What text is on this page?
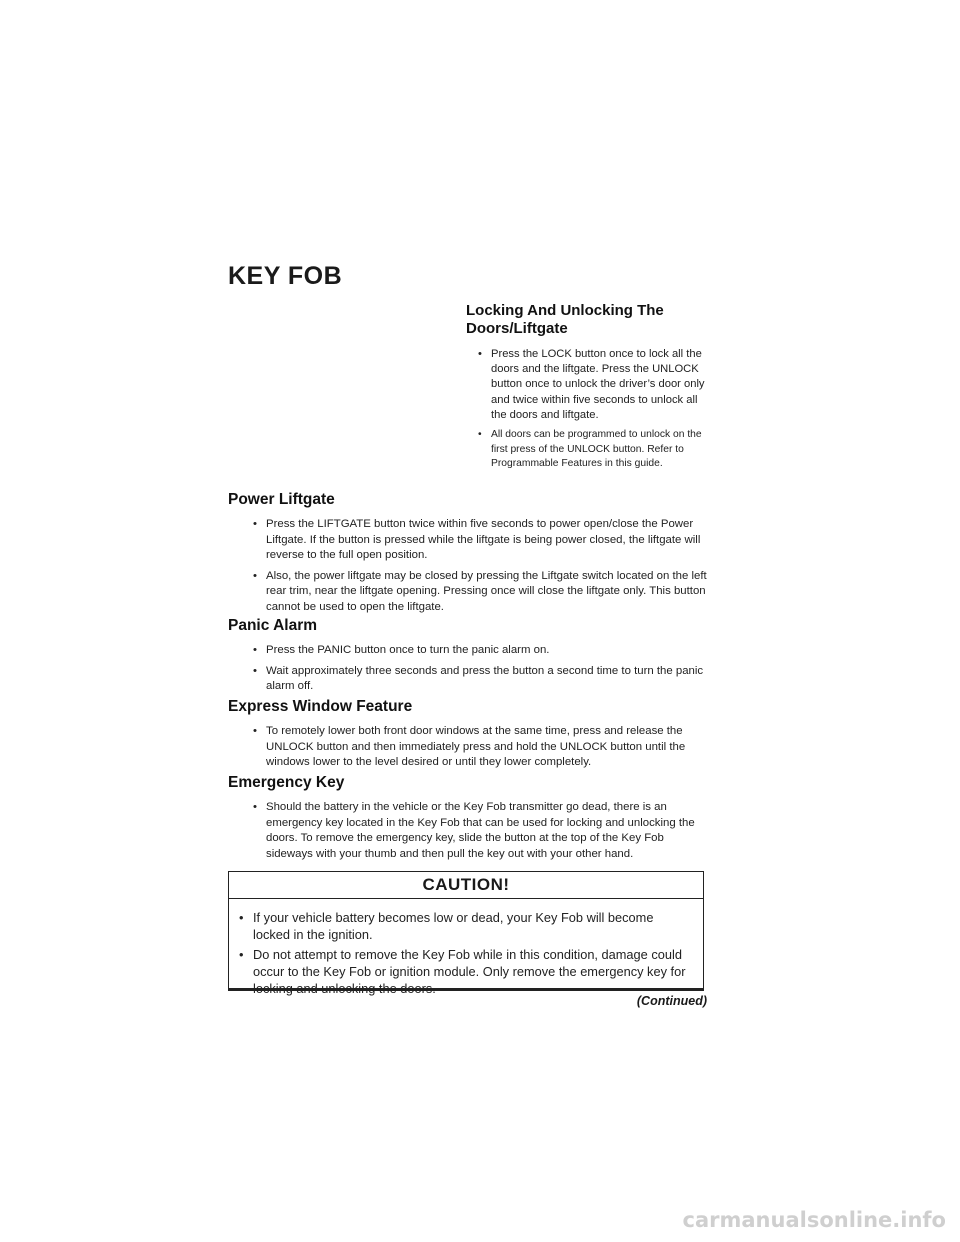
KEY FOB
Locking And Unlocking The
Doors/Liftgate
• Press the LOCK button once to lock all the doors and the liftgate. Press the UNLOCK button once to unlock the driver’s door only and twice within five seconds to unlock all the doors and liftgate.
• All doors can be programmed to unlock on the first press of the UNLOCK button. Refer to Programmable Features in this guide.
Power Liftgate
• Press the LIFTGATE button twice within five seconds to power open/close the Power Liftgate. If the button is pressed while the liftgate is being power closed, the liftgate will reverse to the full open position.
• Also, the power liftgate may be closed by pressing the Liftgate switch located on the left rear trim, near the liftgate opening. Pressing once will close the liftgate only. This button cannot be used to open the liftgate.
Panic Alarm
• Press the PANIC button once to turn the panic alarm on.
• Wait approximately three seconds and press the button a second time to turn the panic alarm off.
Express Window Feature
• To remotely lower both front door windows at the same time, press and release the UNLOCK button and then immediately press and hold the UNLOCK button until the windows lower to the level desired or until they lower completely.
Emergency Key
• Should the battery in the vehicle or the Key Fob transmitter go dead, there is an emergency key located in the Key Fob that can be used for locking and unlocking the doors. To remove the emergency key, slide the button at the top of the Key Fob sideways with your thumb and then pull the key out with your other hand.
CAUTION!
• If your vehicle battery becomes low or dead, your Key Fob will become locked in the ignition.
• Do not attempt to remove the Key Fob while in this condition, damage could occur to the Key Fob or ignition module. Only remove the emergency key for locking and unlocking the doors.

(Continued)

carmanualsonline.info
